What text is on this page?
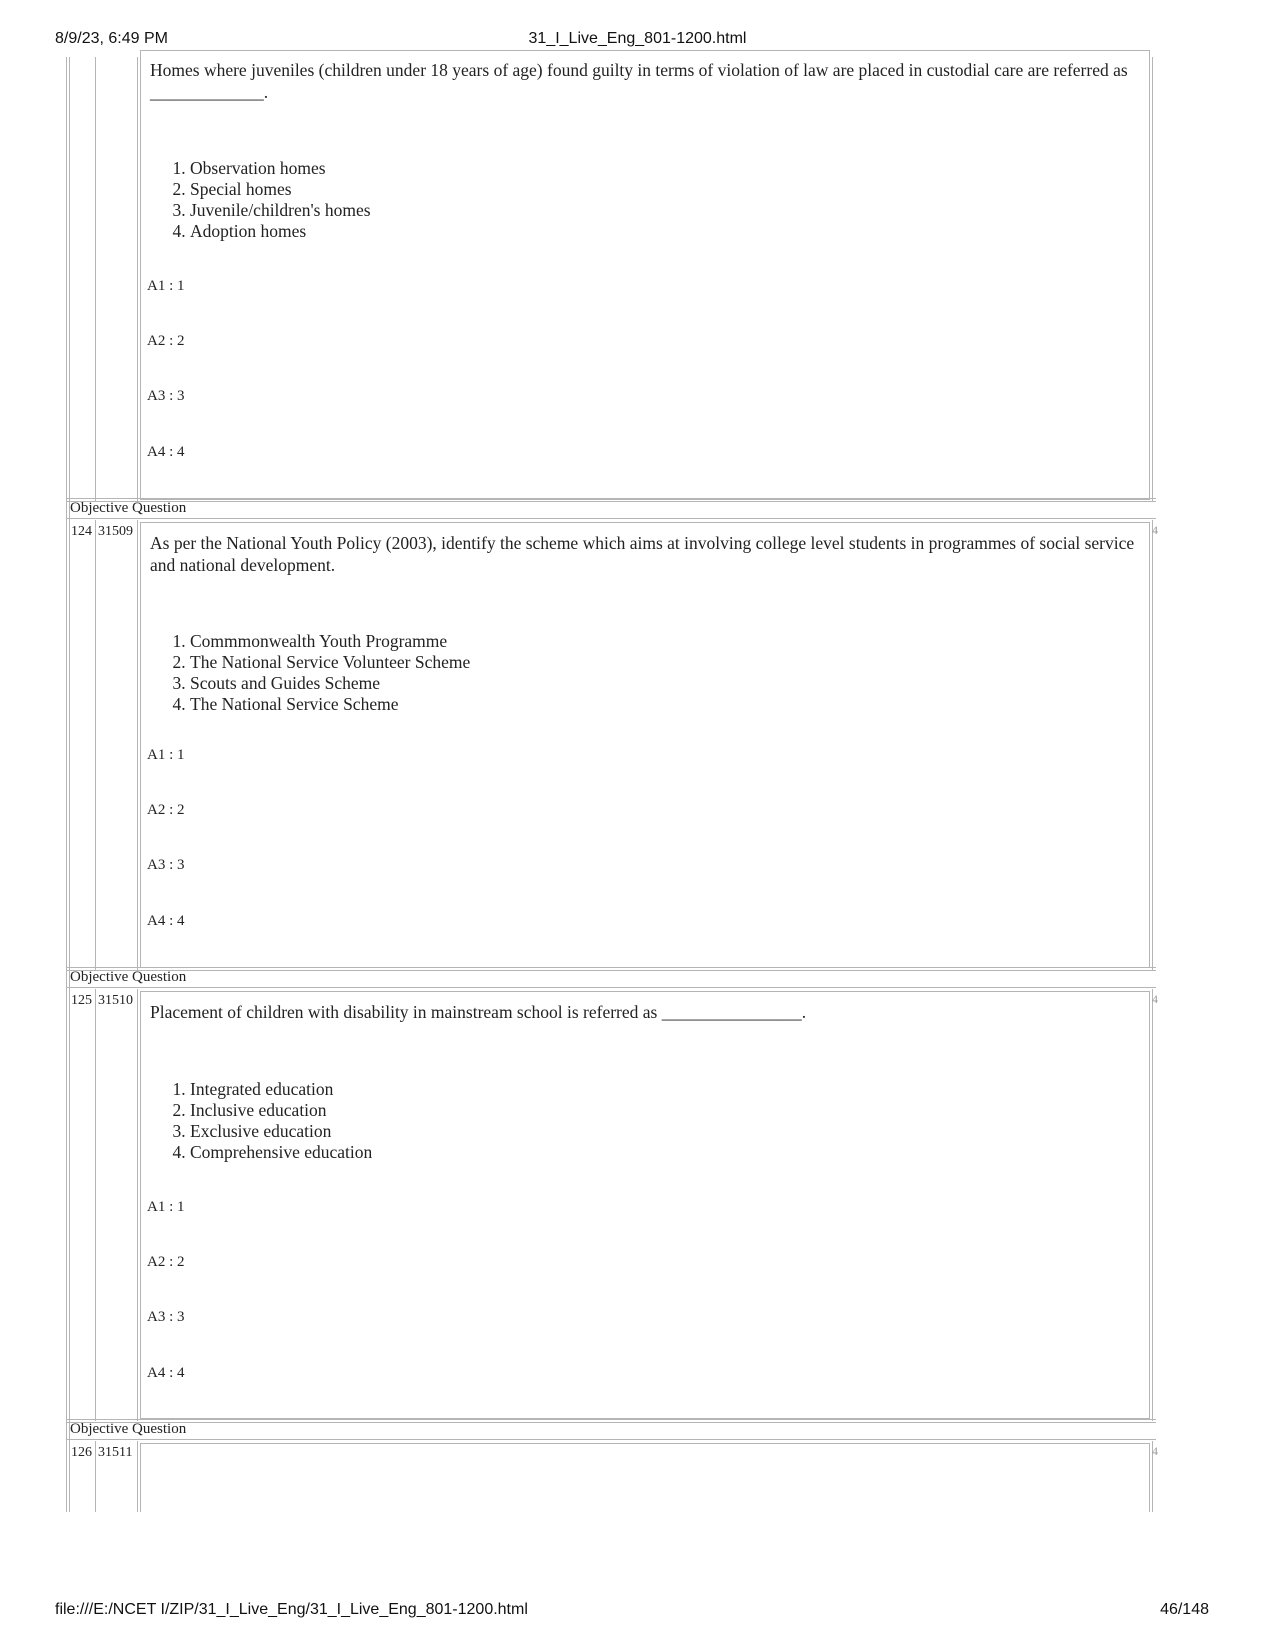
8/9/23, 6:49 PM	31_I_Live_Eng_801-1200.html
Homes where juveniles (children under 18 years of age) found guilty in terms of violation of law are placed in custodial care are referred as _____________.
1. Observation homes
2. Special homes
3. Juvenile/children's homes
4. Adoption homes
A1 : 1
A2 : 2
A3 : 3
A4 : 4
Objective Question
124 31509	4
As per the National Youth Policy (2003), identify the scheme which aims at involving college level students in programmes of social service and national development.
1. Commmonwealth Youth Programme
2. The National Service Volunteer Scheme
3. Scouts and Guides Scheme
4. The National Service Scheme
A1 : 1
A2 : 2
A3 : 3
A4 : 4
Objective Question
125 31510	4
Placement of children with disability in mainstream school is referred as ________________.
1. Integrated education
2. Inclusive education
3. Exclusive education
4. Comprehensive education
A1 : 1
A2 : 2
A3 : 3
A4 : 4
Objective Question
126 31511	4
file:///E:/NCET I/ZIP/31_I_Live_Eng/31_I_Live_Eng_801-1200.html	46/148
